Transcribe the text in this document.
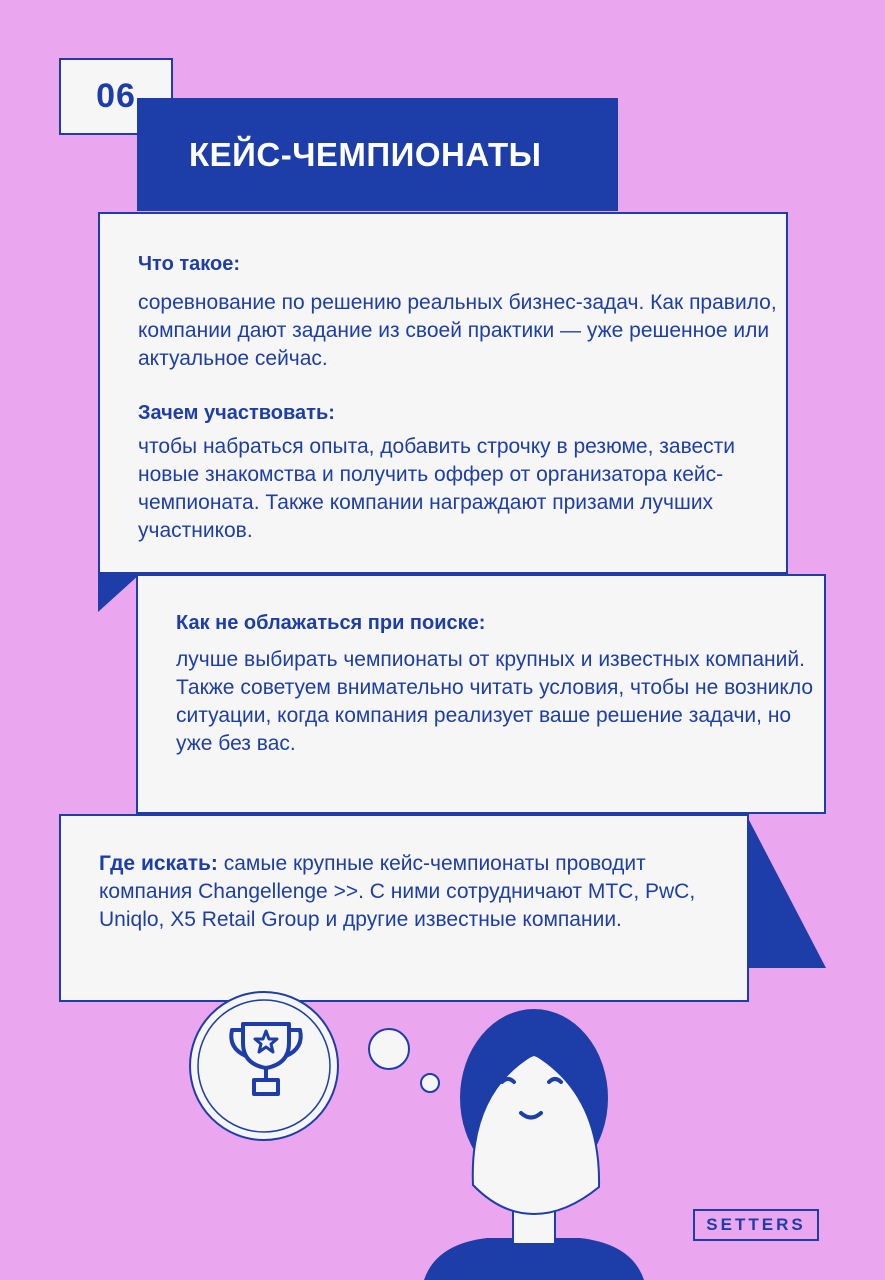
06
КЕЙС-ЧЕМПИОНАТЫ
Что такое:
соревнование по решению реальных бизнес-задач. Как правило, компании дают задание из своей практики — уже решенное или актуальное сейчас.
Зачем участвовать:
чтобы набраться опыта, добавить строчку в резюме, завести новые знакомства и получить оффер от организатора кейс-чемпионата. Также компании награждают призами лучших участников.
Как не облажаться при поиске:
лучше выбирать чемпионаты от крупных и известных компаний. Также советуем внимательно читать условия, чтобы не возникло ситуации, когда компания реализует ваше решение задачи, но уже без вас.
Где искать: самые крупные кейс-чемпионаты проводит компания Changellenge >>. С ними сотрудничают МТС, PwC, Uniqlo, X5 Retail Group и другие известные компании.
SETTERS
